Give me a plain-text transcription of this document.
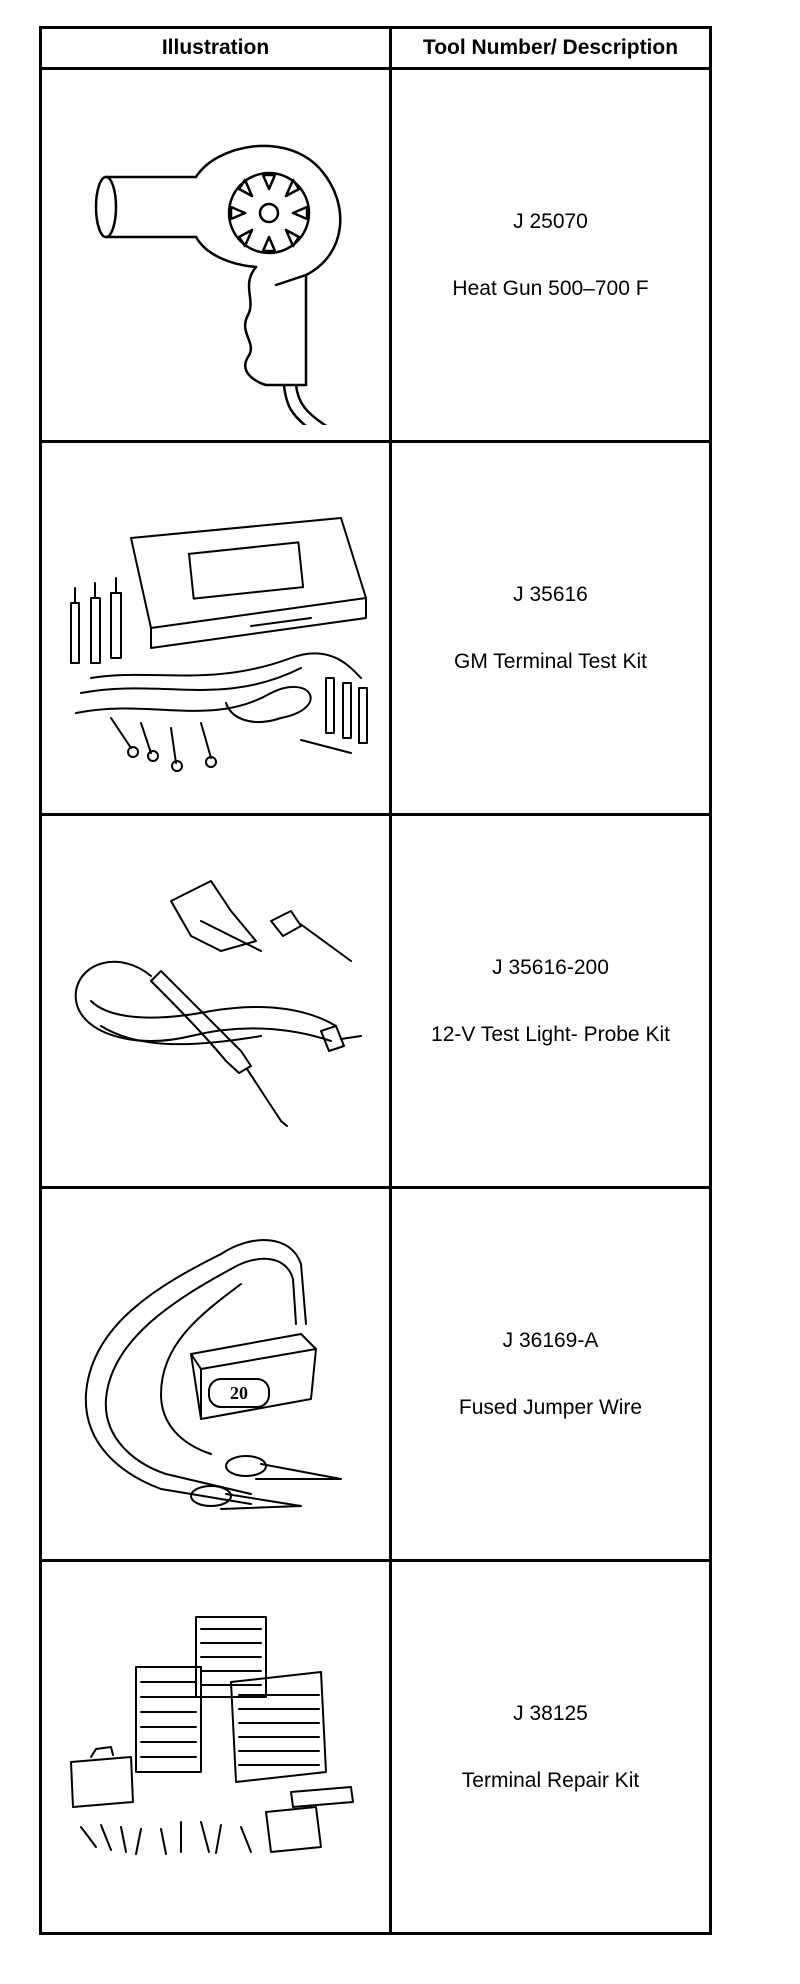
Illustration	Tool Number/ Description

J 25070
Heat Gun 500–700 F

J 35616
GM Terminal Test Kit

J 35616-200
12-V Test Light- Probe Kit

20	J 36169-A
Fused Jumper Wire

J 38125
Terminal Repair Kit
